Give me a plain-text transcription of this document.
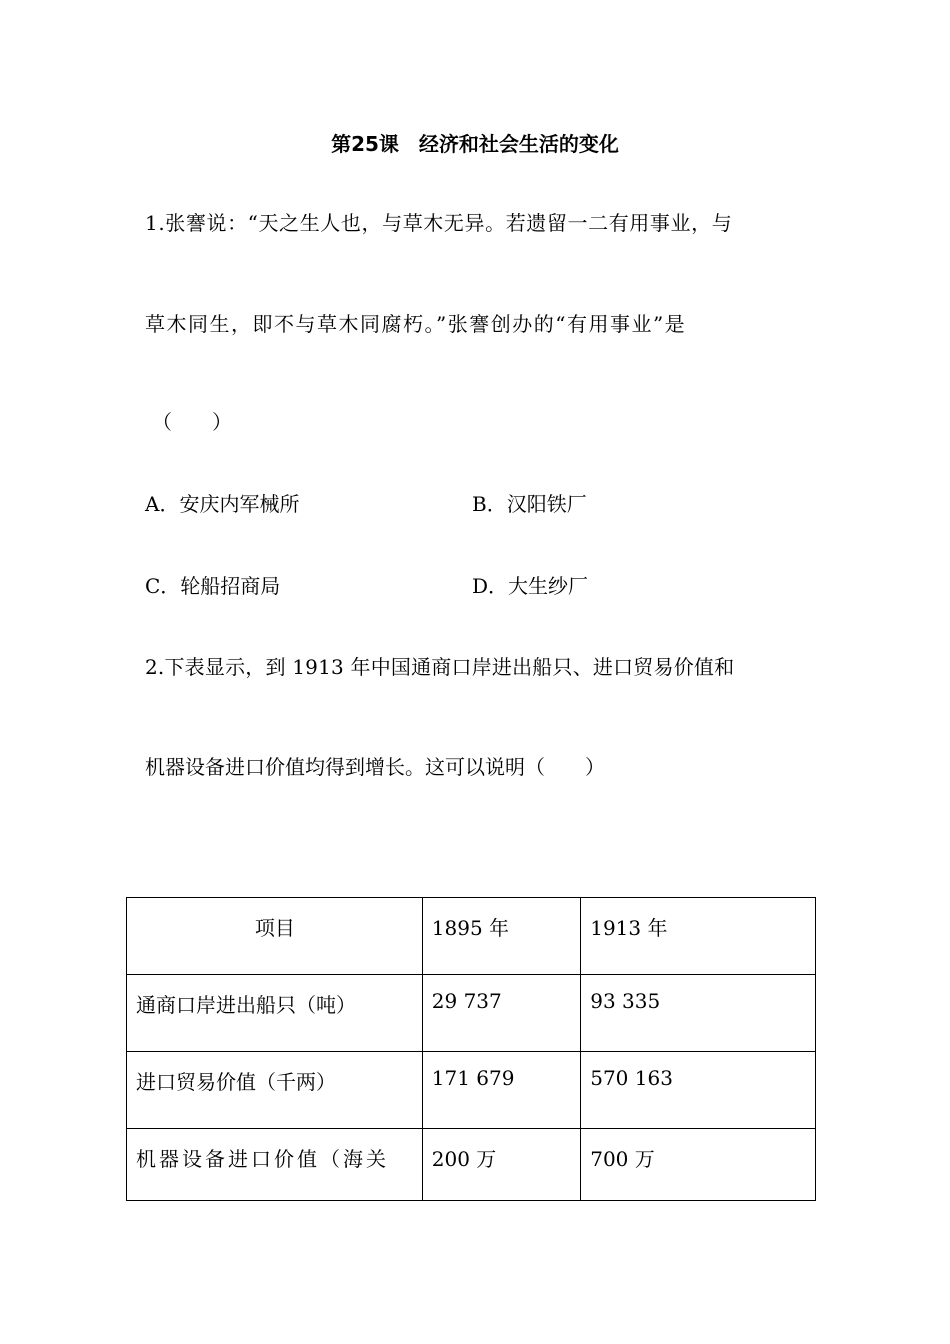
第25课　经济和社会生活的变化
1.张謇说：“天之生人也，与草木无异。若遗留一二有用事业，与
草木同生，即不与草木同腐朽。”张謇创办的“有用事业”是
（　　）
A．安庆内军械所	B．汉阳铁厂
C．轮船招商局	D．大生纱厂
2.下表显示，到 1913 年中国通商口岸进出船只、进口贸易价值和
机器设备进口价值均得到增长。这可以说明（　　）
项目	1895 年	1913 年
通商口岸进出船只（吨）	29 737	93 335
进口贸易价值（千两）	171 679	570 163
机器设备进口价值（海关	200 万	700 万
